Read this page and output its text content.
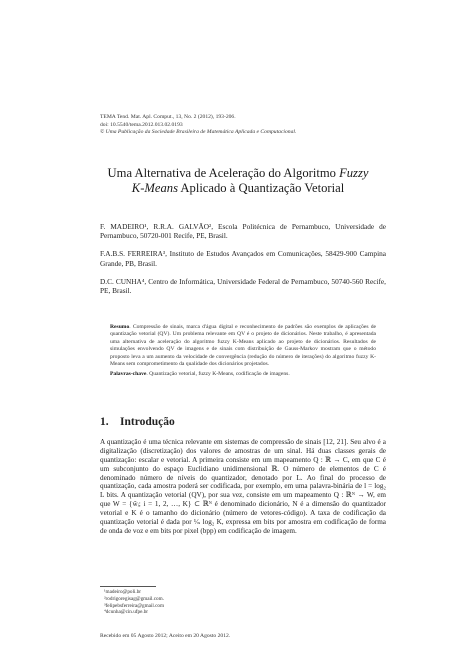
TEMA Tend. Mat. Apl. Comput., 13, No. 2 (2012), 193-206.
doi: 10.5540/tema.2012.013.02.0193
© Uma Publicação da Sociedade Brasileira de Matemática Aplicada e Computacional.
Uma Alternativa de Aceleração do Algoritmo Fuzzy
K-Means Aplicado à Quantização Vetorial

F. MADEIRO¹, R.R.A. GALVÃO², Escola Politécnica de Pernambuco, Universidade de Pernambuco, 50720-001 Recife, PE, Brasil.

F.A.B.S. FERREIRA³, Instituto de Estudos Avançados em Comunicações, 58429-900 Campina Grande, PB, Brasil.

D.C. CUNHA⁴, Centro de Informática, Universidade Federal de Pernambuco, 50740-560 Recife, PE, Brasil.

Resumo. Compressão de sinais, marca d'água digital e reconhecimento de padrões são exemplos de aplicações de quantização vetorial (QV). Um problema relevante em QV é o projeto de dicionários. Neste trabalho, é apresentada uma alternativa de aceleração do algoritmo fuzzy K-Means aplicado ao projeto de dicionários. Resultados de simulações envolvendo QV de imagens e de sinais com distribuição de Gauss-Markov mostram que o método proposto leva a um aumento da velocidade de convergência (redução do número de iterações) do algoritmo fuzzy K-Means sem comprometimento da qualidade dos dicionários projetados.

Palavras-chave. Quantização vetorial, fuzzy K-Means, codificação de imagens.

1. Introdução

A quantização é uma técnica relevante em sistemas de compressão de sinais [12, 21]. Seu alvo é a digitalização (discretização) dos valores de amostras de um sinal. Há duas classes gerais de quantização: escalar e vetorial. A primeira consiste em um mapeamento Q : ℝ → C, em que C é um subconjunto do espaço Euclidiano unidimensional ℝ. O número de elementos de C é denominado número de níveis do quantizador, denotado por L. Ao final do processo de quantização, cada amostra poderá ser codificada, por exemplo, em uma palavra-binária de l = log₂ L bits. A quantização vetorial (QV), por sua vez, consiste em um mapeamento Q : ℝᴺ → W, em que W = {w̃ᵢ; i = 1, 2, …, K} ⊂ ℝᴺ é denominado dicionário, N é a dimensão do quantizador vetorial e K é o tamanho do dicionário (número de vetores-código). A taxa de codificação da quantização vetorial é dada por ¹⁄ₙ log₂ K, expressa em bits por amostra em codificação de forma de onda de voz e em bits por pixel (bpp) em codificação de imagem.

¹madeiro@poli.br
²rodrigoregisag@gmail.com.
³felipebsferreira@gmail.com
⁴dcunha@cin.ufpe.br
Recebido em 05 Agosto 2012; Aceito em 20 Agosto 2012.
